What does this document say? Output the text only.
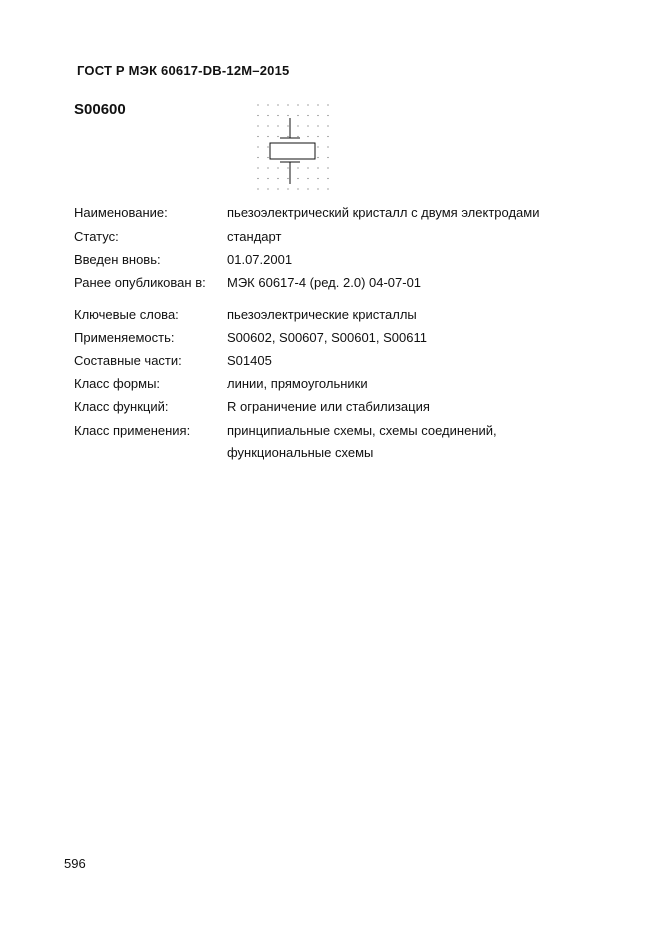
ГОСТ Р МЭК 60617-DB-12M–2015
S00600
Наименование:	пьезоэлектрический кристалл с двумя электродами
Статус:	стандарт
Введен вновь:	01.07.2001
Ранее опубликован в: МЭК 60617-4 (ред. 2.0) 04-07-01
Ключевые слова:	пьезоэлектрические кристаллы
Применяемость:	S00602, S00607, S00601, S00611
Составные части:	S01405
Класс формы:	линии, прямоугольники
Класс функций:	R ограничение или стабилизация
Класс применения:	принципиальные схемы, схемы соединений,
функциональные схемы
596
